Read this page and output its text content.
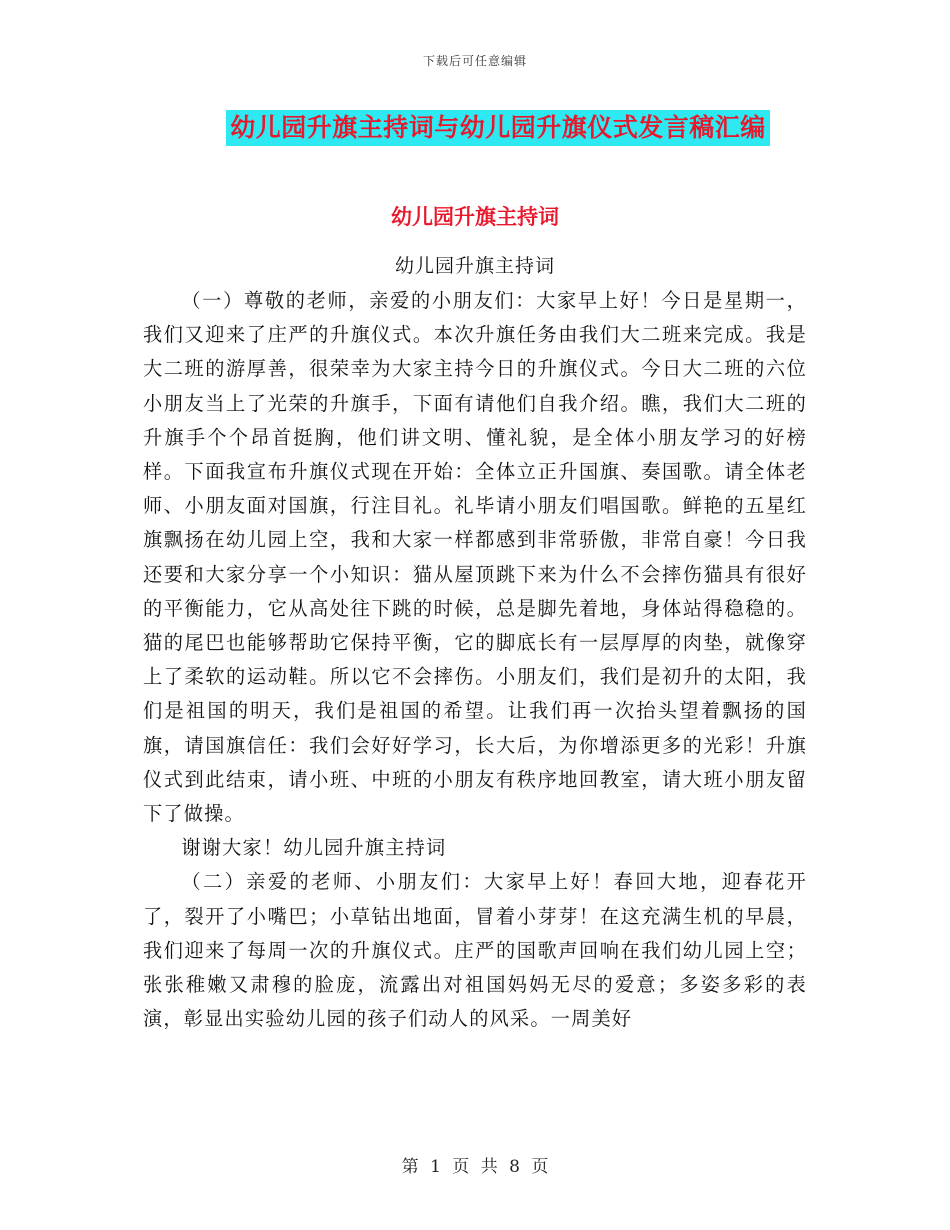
下载后可任意编辑
幼儿园升旗主持词与幼儿园升旗仪式发言稿汇编
幼儿园升旗主持词
幼儿园升旗主持词

（一）尊敬的老师，亲爱的小朋友们：大家早上好！今日是星期一，我们又迎来了庄严的升旗仪式。本次升旗任务由我们大二班来完成。我是大二班的游厚善，很荣幸为大家主持今日的升旗仪式。今日大二班的六位小朋友当上了光荣的升旗手，下面有请他们自我介绍。瞧，我们大二班的升旗手个个昂首挺胸，他们讲文明、懂礼貌，是全体小朋友学习的好榜样。下面我宣布升旗仪式现在开始：全体立正升国旗、奏国歌。请全体老师、小朋友面对国旗，行注目礼。礼毕请小朋友们唱国歌。鲜艳的五星红旗飘扬在幼儿园上空，我和大家一样都感到非常骄傲，非常自豪！今日我还要和大家分享一个小知识：猫从屋顶跳下来为什么不会摔伤猫具有很好的平衡能力，它从高处往下跳的时候，总是脚先着地，身体站得稳稳的。猫的尾巴也能够帮助它保持平衡，它的脚底长有一层厚厚的肉垫，就像穿上了柔软的运动鞋。所以它不会摔伤。小朋友们，我们是初升的太阳，我们是祖国的明天，我们是祖国的希望。让我们再一次抬头望着飘扬的国旗，请国旗信任：我们会好好学习，长大后，为你增添更多的光彩！升旗仪式到此结束，请小班、中班的小朋友有秩序地回教室，请大班小朋友留下了做操。

谢谢大家！幼儿园升旗主持词

（二）亲爱的老师、小朋友们：大家早上好！春回大地，迎春花开了，裂开了小嘴巴；小草钻出地面，冒着小芽芽！在这充满生机的早晨，我们迎来了每周一次的升旗仪式。庄严的国歌声回响在我们幼儿园上空；张张稚嫩又肃穆的脸庞，流露出对祖国妈妈无尽的爱意；多姿多彩的表演，彰显出实验幼儿园的孩子们动人的风采。一周美好

第 1 页 共 8 页
